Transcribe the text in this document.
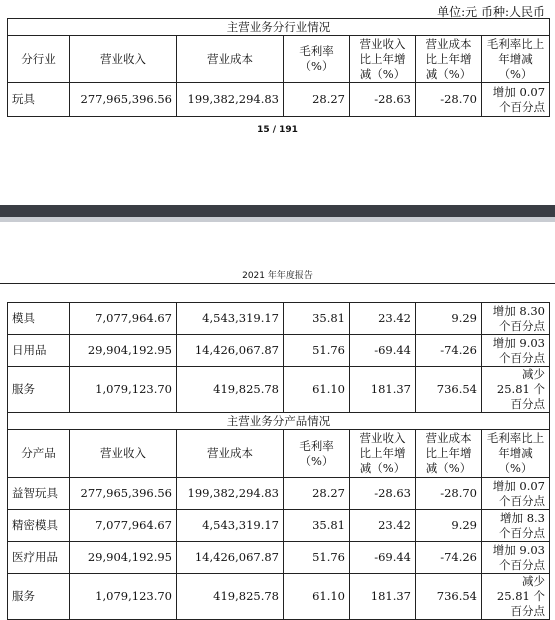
单位:元 币种:人民币
主营业务分行业情况						
分行业	营业收入	营业成本	毛利率（%）	营业收入比上年增减（%）	营业成本比上年增减（%）	毛利率比上年增减（%）
玩具	277,965,396.56	199,382,294.83	28.27	-28.63	-28.70	增加 0.07 个百分点
15 / 191
2021 年年度报告
模具	7,077,964.67	4,543,319.17	35.81	23.42	9.29	增加 8.30 个百分点
日用品	29,904,192.95	14,426,067.87	51.76	-69.44	-74.26	增加 9.03 个百分点
服务	1,079,123.70	419,825.78	61.10	181.37	736.54	减少 25.81 个百分点
主营业务分产品情况						
分产品	营业收入	营业成本	毛利率（%）	营业收入比上年增减（%）	营业成本比上年增减（%）	毛利率比上年增减（%）
益智玩具	277,965,396.56	199,382,294.83	28.27	-28.63	-28.70	增加 0.07 个百分点
精密模具	7,077,964.67	4,543,319.17	35.81	23.42	9.29	增加 8.3 个百分点
医疗用品	29,904,192.95	14,426,067.87	51.76	-69.44	-74.26	增加 9.03 个百分点
服务	1,079,123.70	419,825.78	61.10	181.37	736.54	减少 25.81 个百分点
